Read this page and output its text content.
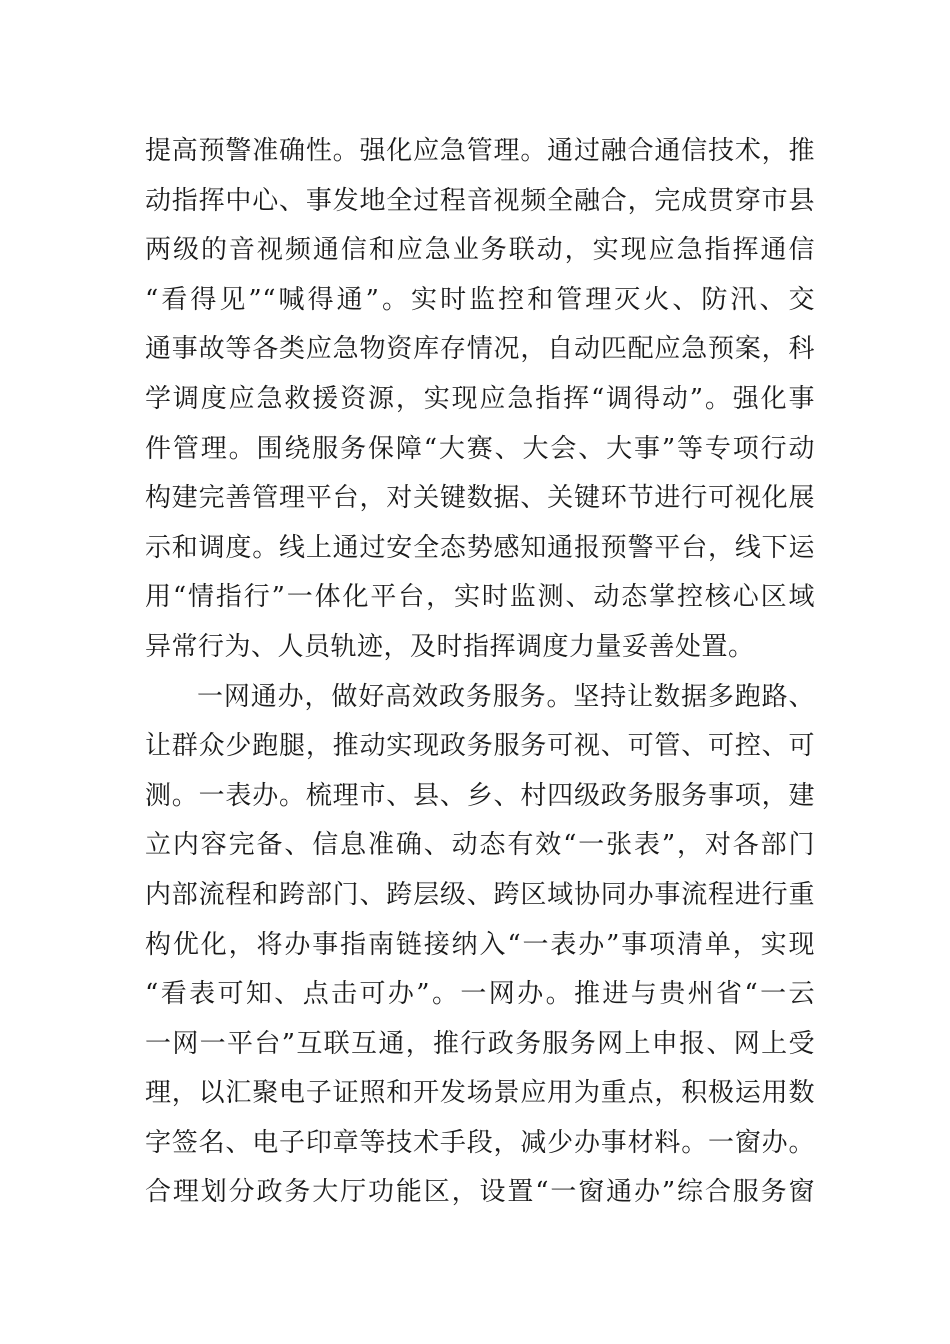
提高预警准确性。强化应急管理。通过融合通信技术，推
动指挥中心、事发地全过程音视频全融合，完成贯穿市县
两级的音视频通信和应急业务联动，实现应急指挥通信
“看得见”“喊得通”。实时监控和管理灭火、防汛、交
通事故等各类应急物资库存情况，自动匹配应急预案，科
学调度应急救援资源，实现应急指挥“调得动”。强化事
件管理。围绕服务保障“大赛、大会、大事”等专项行动
构建完善管理平台，对关键数据、关键环节进行可视化展
示和调度。线上通过安全态势感知通报预警平台，线下运
用“情指行”一体化平台，实时监测、动态掌控核心区域
异常行为、人员轨迹，及时指挥调度力量妥善处置。
一网通办，做好高效政务服务。坚持让数据多跑路、
让群众少跑腿，推动实现政务服务可视、可管、可控、可
测。一表办。梳理市、县、乡、村四级政务服务事项，建
立内容完备、信息准确、动态有效“一张表”，对各部门
内部流程和跨部门、跨层级、跨区域协同办事流程进行重
构优化，将办事指南链接纳入“一表办”事项清单，实现
“看表可知、点击可办”。一网办。推进与贵州省“一云
一网一平台”互联互通，推行政务服务网上申报、网上受
理，以汇聚电子证照和开发场景应用为重点，积极运用数
字签名、电子印章等技术手段，减少办事材料。一窗办。
合理划分政务大厅功能区，设置“一窗通办”综合服务窗
